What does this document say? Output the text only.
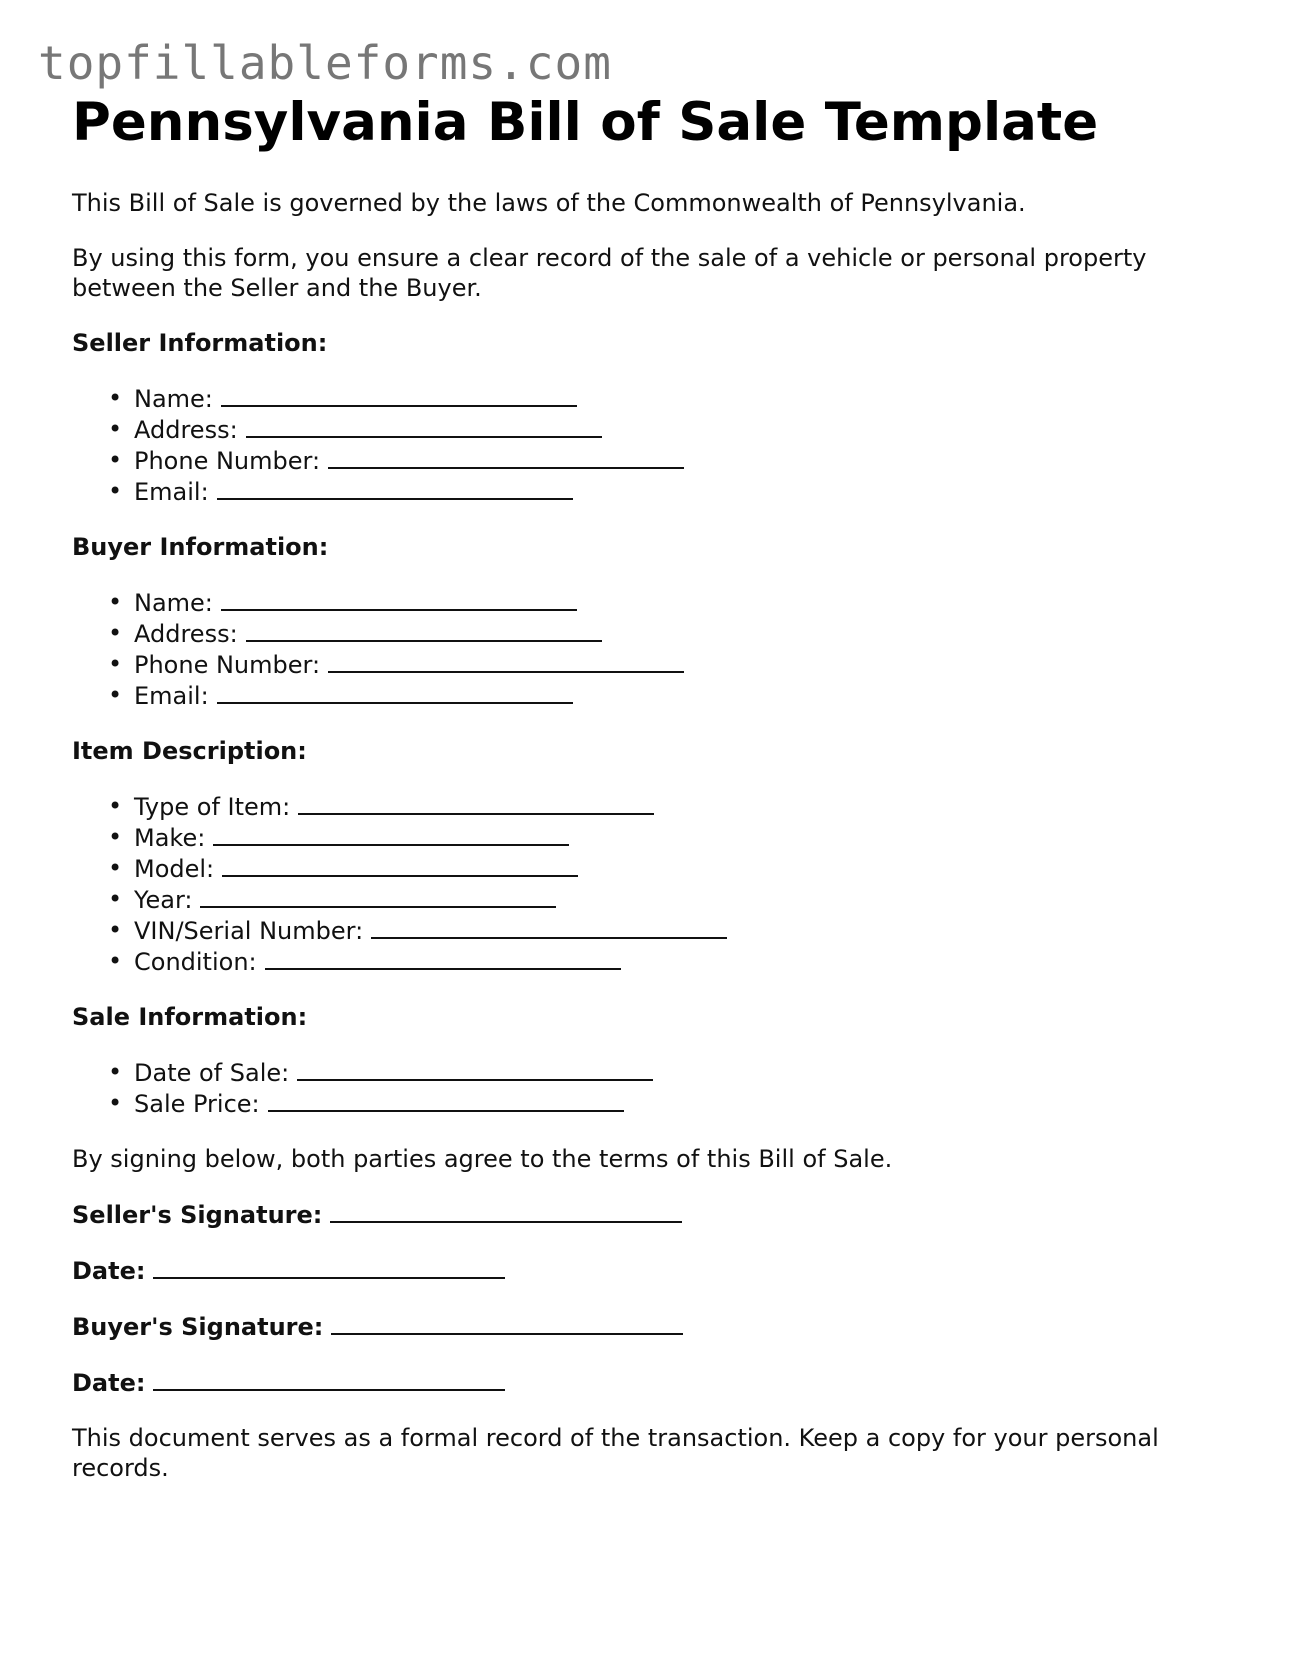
topfillableforms.com
Pennsylvania Bill of Sale Template

This Bill of Sale is governed by the laws of the Commonwealth of Pennsylvania.

By using this form, you ensure a clear record of the sale of a vehicle or personal property between the Seller and the Buyer.

Seller Information:
• Name:
• Address:
• Phone Number:
• Email:
Buyer Information:
• Name:
• Address:
• Phone Number:
• Email:
Item Description:
• Type of Item:
• Make:
• Model:
• Year:
• VIN/Serial Number:
• Condition:
Sale Information:
• Date of Sale:
• Sale Price:

By signing below, both parties agree to the terms of this Bill of Sale.

Seller's Signature:
Date:
Buyer's Signature:
Date:

This document serves as a formal record of the transaction. Keep a copy for your personal records.
